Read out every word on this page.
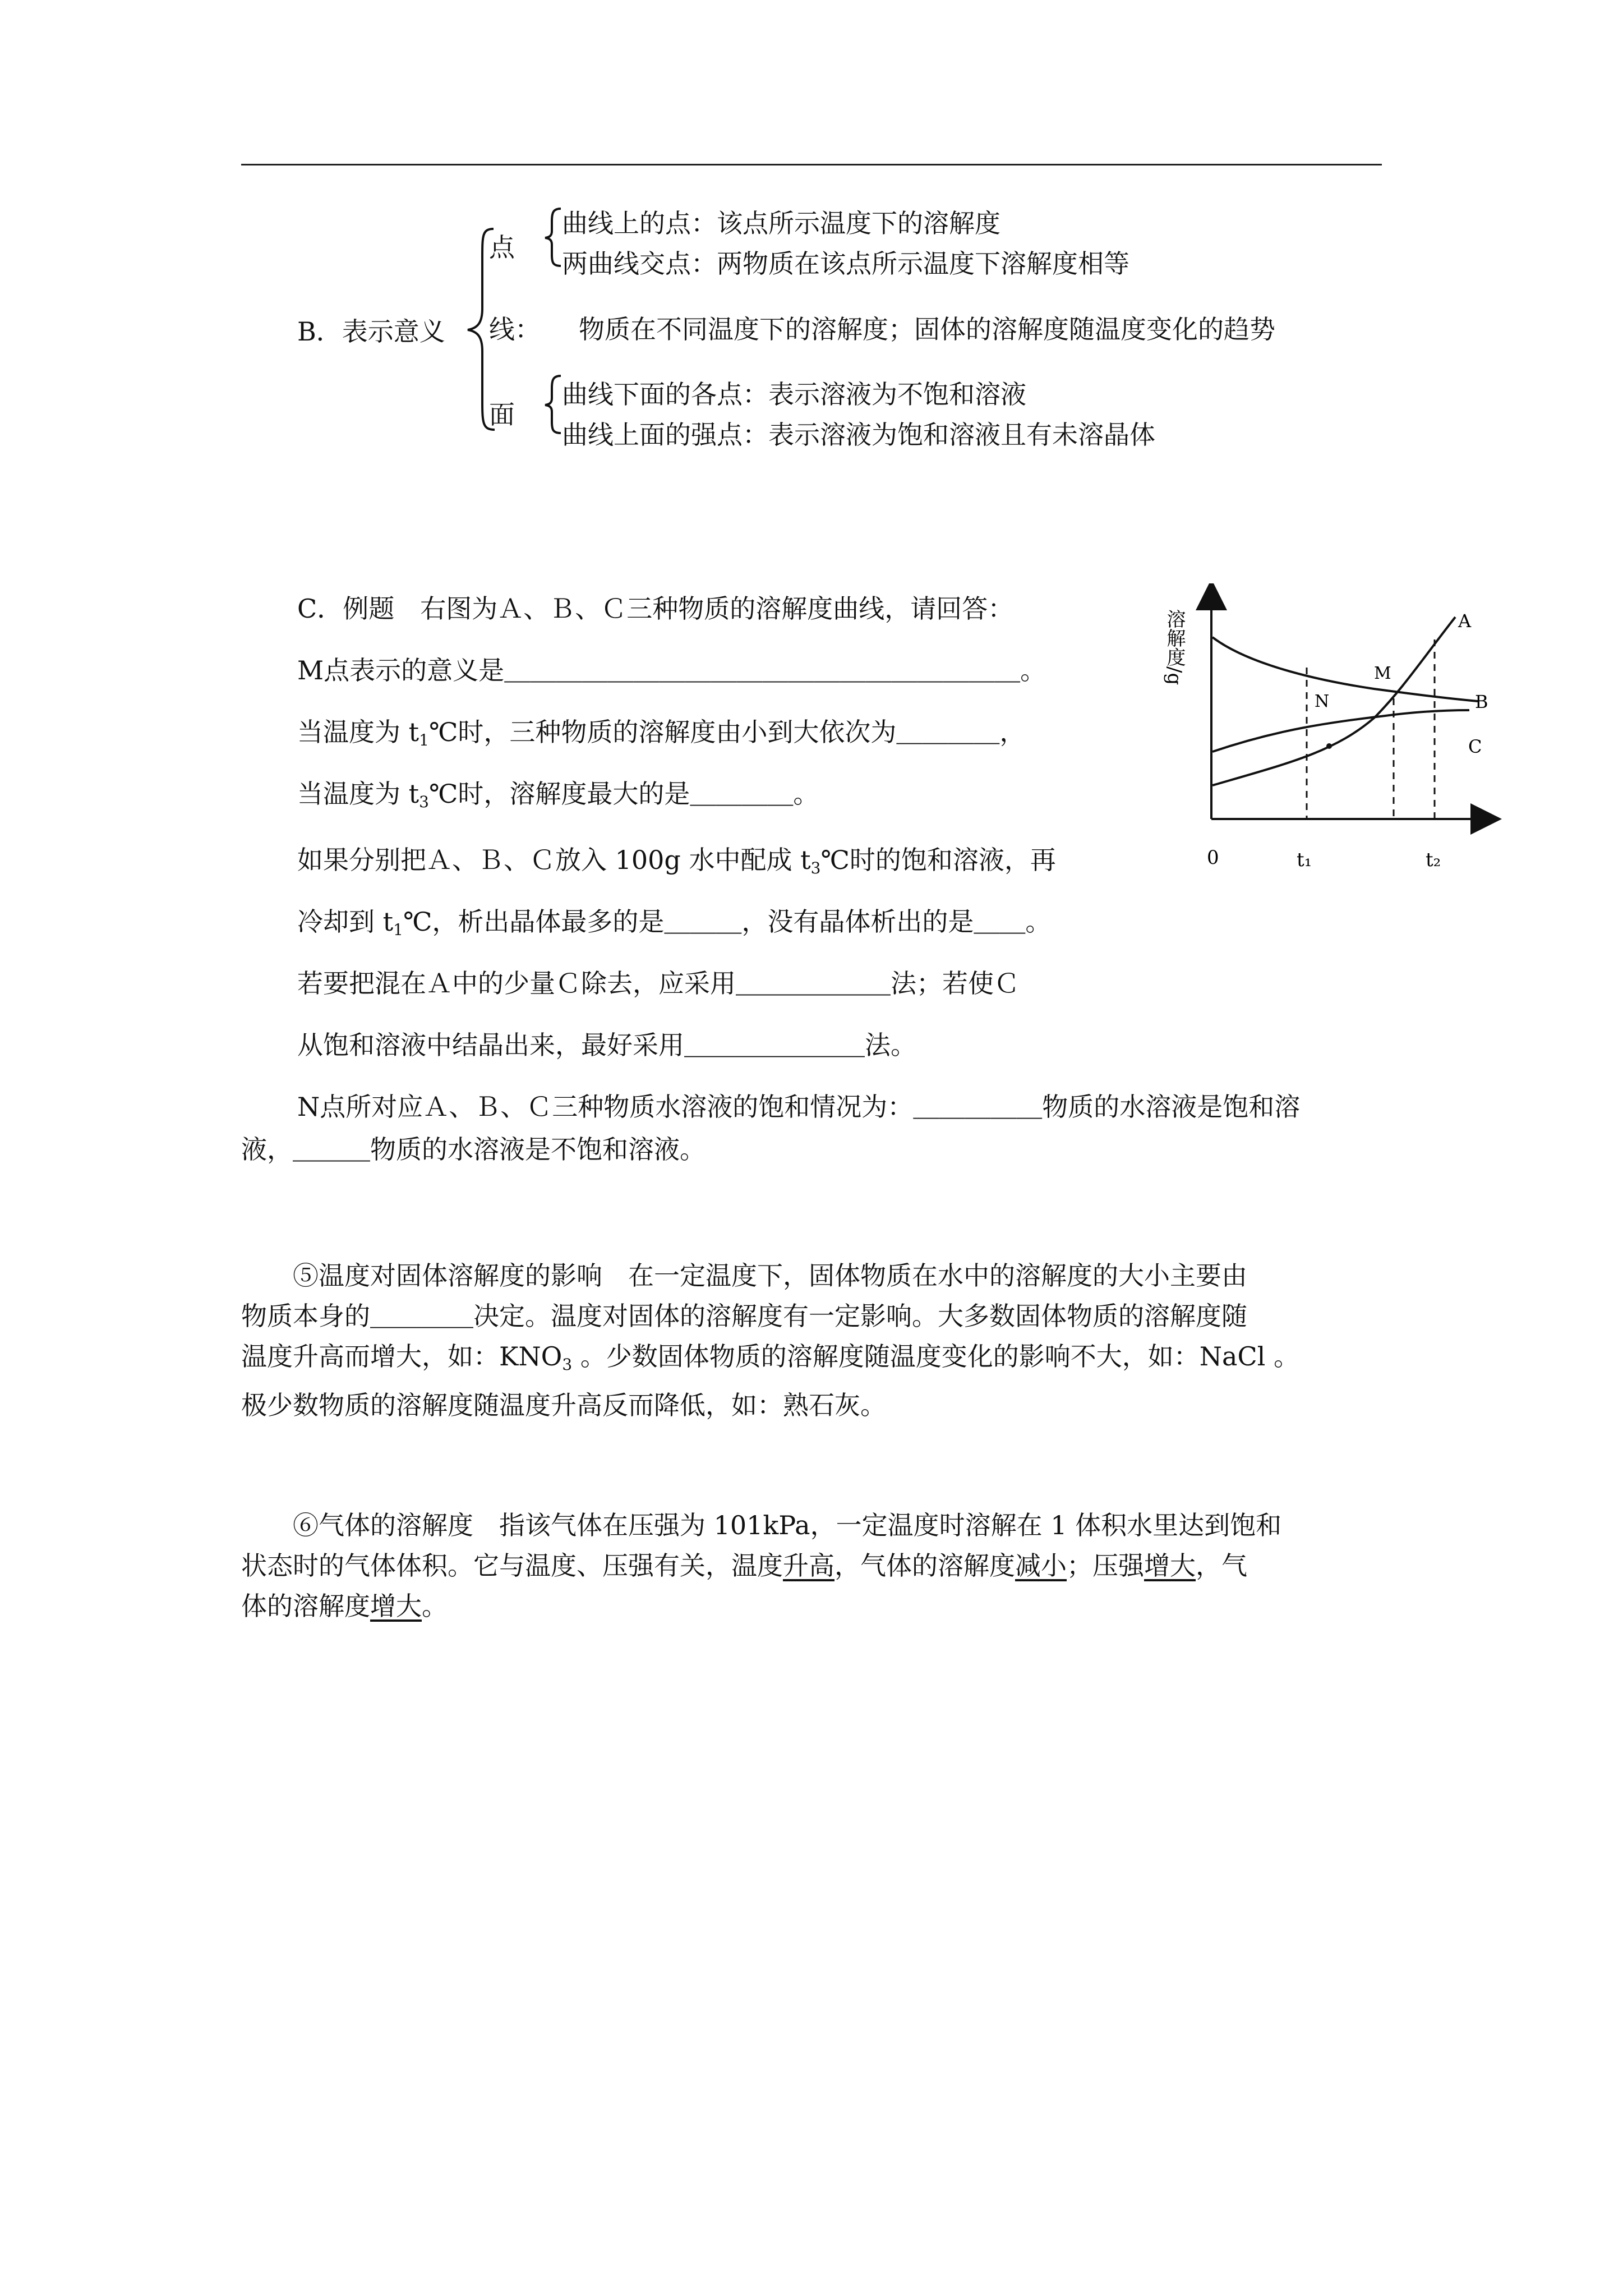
B．表示意义
点
曲线上的点：该点所示温度下的溶解度
两曲线交点：两物质在该点所示温度下溶解度相等
线： 物质在不同温度下的溶解度；固体的溶解度随温度变化的趋势
面
曲线下面的各点：表示溶液为不饱和溶液
曲线上面的强点：表示溶液为饱和溶液且有未溶晶体
C．例题　右图为Ａ、Ｂ、Ｃ三种物质的溶解度曲线，请回答：
M点表示的意义是＿＿＿＿＿＿＿＿＿＿＿＿＿＿＿＿＿＿＿＿。
当温度为 $t_1℃$时，三种物质的溶解度由小到大依次为＿＿＿＿，
当温度为 $t_3℃$时，溶解度最大的是＿＿＿＿。
如果分别把Ａ、Ｂ、Ｃ放入 100g 水中配成 $t_3℃$时的饱和溶液，再
冷却到 $t_1℃$，析出晶体最多的是＿＿＿，没有晶体析出的是＿＿。
若要把混在Ａ中的少量Ｃ除去，应采用＿＿＿＿＿＿法；若使Ｃ
从饱和溶液中结晶出来，最好采用＿＿＿＿＿＿＿法。
N点所对应Ａ、Ｂ、Ｃ三种物质水溶液的饱和情况为：＿＿＿＿＿物质的水溶液是饱和溶
液，＿＿＿物质的水溶液是不饱和溶液。
溶解度/g
0	t₁	t₂
A
B
C
M
N

⑤温度对固体溶解度的影响　在一定温度下，固体物质在水中的溶解度的大小主要由

物质本身的＿＿＿＿决定。温度对固体的溶解度有一定影响。大多数固体物质的溶解度随

温度升高而增大，如：$KNO_3$ 。少数固体物质的溶解度随温度变化的影响不大，如：NaCl 。

极少数物质的溶解度随温度升高反而降低，如：熟石灰。

⑥气体的溶解度　指该气体在压强为 101kPa，一定温度时溶解在 1 体积水里达到饱和

状态时的气体体积。它与温度、压强有关，温度升高，气体的溶解度减小；压强增大，气

体的溶解度增大。
